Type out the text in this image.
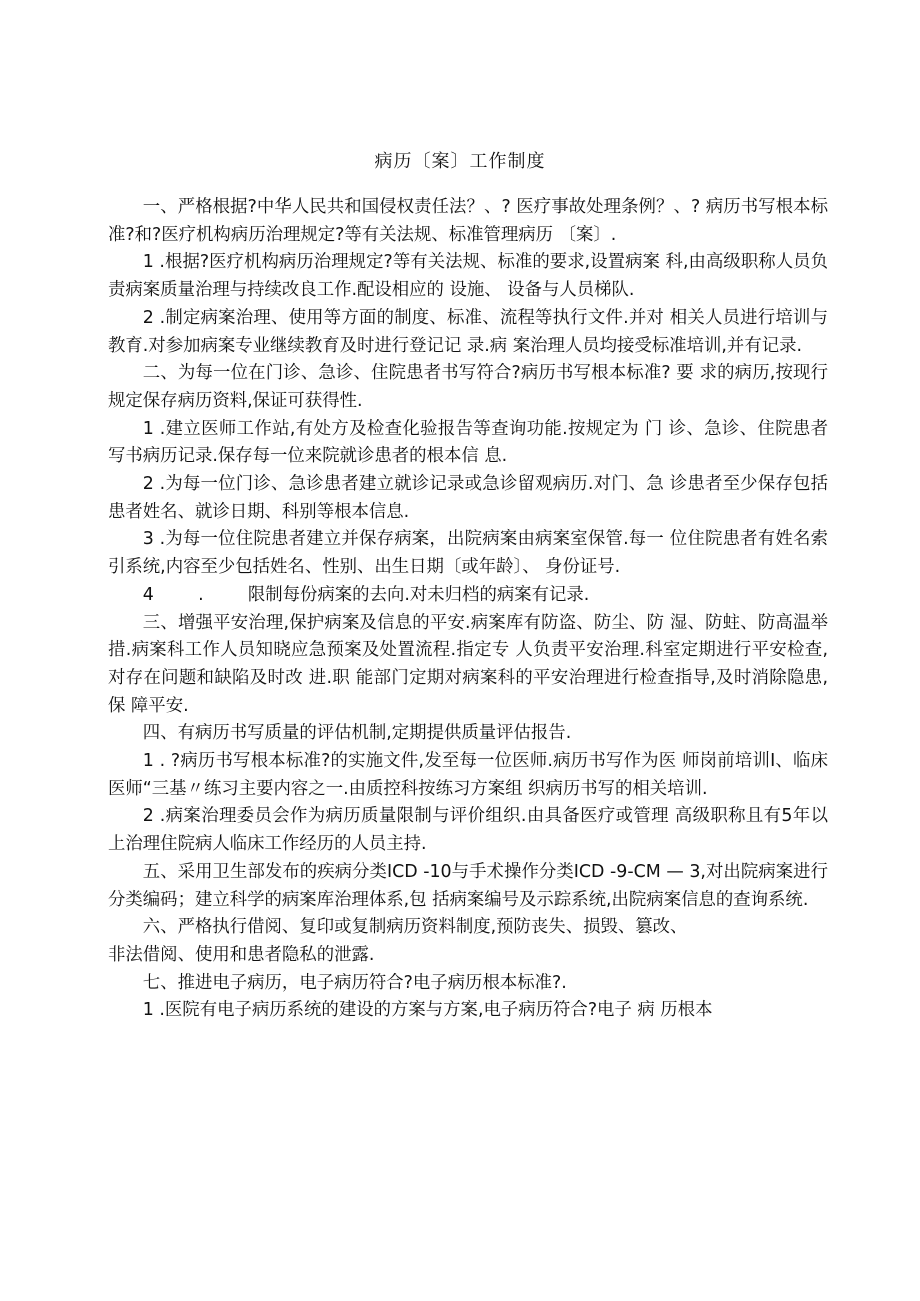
病历〔案〕工作制度

一、严格根据?中华人民共和国侵权责任法？、? 医疗事故处理条例？、? 病历书写根本标准?和?医疗机构病历治理规定?等有关法规、标准管理病历 〔案〕.

1 .根据?医疗机构病历治理规定?等有关法规、标准的要求,设置病案 科,由高级职称人员负责病案质量治理与持续改良工作.配设相应的 设施、 设备与人员梯队.

2 .制定病案治理、使用等方面的制度、标准、流程等执行文件.并对 相关人员进行培训与教育.对参加病案专业继续教育及时进行登记记 录.病 案治理人员均接受标准培训,并有记录.

二、为每一位在门诊、急诊、住院患者书写符合?病历书写根本标准? 要 求的病历,按现行规定保存病历资料,保证可获得性.

1 .建立医师工作站,有处方及检查化验报告等查询功能.按规定为 门 诊、急诊、住院患者写书病历记录.保存每一位来院就诊患者的根本信 息.

2 .为每一位门诊、急诊患者建立就诊记录或急诊留观病历.对门、急 诊患者至少保存包括患者姓名、就诊日期、科别等根本信息.

3 .为每一位住院患者建立并保存病案，出院病案由病案室保管.每一 位住院患者有姓名索引系统,内容至少包括姓名、性别、出生日期〔或年龄〕、 身份证号.

4        .        限制每份病案的去向.对未归档的病案有记录.

三、增强平安治理,保护病案及信息的平安.病案库有防盗、防尘、防 湿、防蛀、防高温举措.病案科工作人员知晓应急预案及处置流程.指定专 人负责平安治理.科室定期进行平安检查,对存在问题和缺陷及时改 进.职 能部门定期对病案科的平安治理进行检查指导,及时消除隐患,保 障平安.

四、有病历书写质量的评估机制,定期提供质量评估报告.

1 . ?病历书写根本标准?的实施文件,发至每一位医师.病历书写作为医 师岗前培训I、临床医师“三基〃练习主要内容之一.由质控科按练习方案组 织病历书写的相关培训.

2 .病案治理委员会作为病历质量限制与评价组织.由具备医疗或管理 高级职称且有5年以上治理住院病人临床工作经历的人员主持.

五、采用卫生部发布的疾病分类ICD -10与手术操作分类ICD -9-CM — 3,对出院病案进行分类编码；建立科学的病案库治理体系,包 括病案编号及示踪系统,出院病案信息的查询系统.

六、严格执行借阅、复印或复制病历资料制度,预防丧失、损毁、篡改、

非法借阅、使用和患者隐私的泄露.

七、推进电子病历，电子病历符合?电子病历根本标准?.

1 .医院有电子病历系统的建设的方案与方案,电子病历符合?电子 病 历根本
